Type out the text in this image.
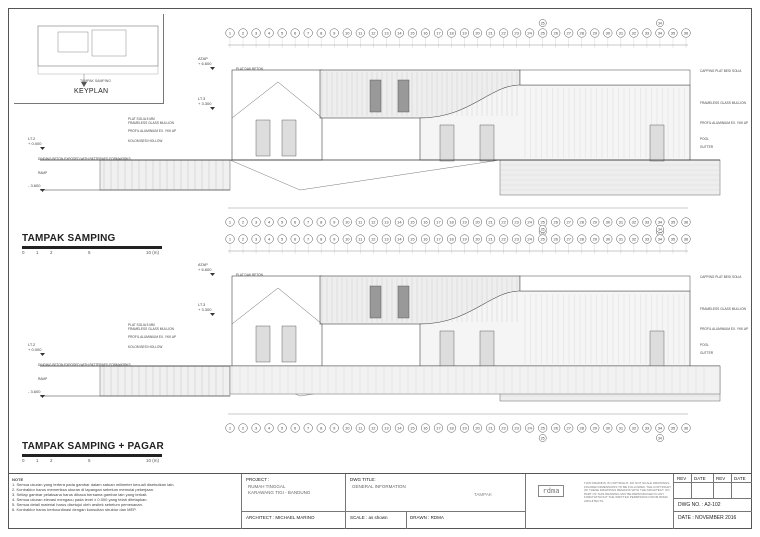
TAMPAK SAMPING
KEYPLAN
1	2	3	4	5	6	7	8	9 10 11 12 13 14 15 16 17 18 19 20 21 22 23 24 25 26 27 28 29 30 31 32 33 34 35 36
25	34
ATAP
+ 6.600
LT.3
+ 3.300
LT.2
+ 0.000
- 3.600
PLAT DAK BETON
PLAT SOLIA 5 MM
FRAMELESS GLASS MULLION
PROFIL ALUMINIUM EX. YKK AP
KOLOM BESI HOLLOW
DINDING BETON EXPOSED WITH PATTERNED FORMWORKS
RAMP
CAPPING PLAT BESI SOLIA
FRAMELESS GLASS MULLION
PROFIL ALUMINIUM EX. YKK AP
POOL
GUTTER
1	2	3	4	5	6	7	8	9 10 11 12 13 14 15 16 17 18 19 20 21 22 23 24 25 26 27 28 29 30 31 32 33 34 35 36
1	2	3	4	5	6	7	8	9 10 11 12 13 14 15 16 17 18 19 20 21 22 23 24 25 26 27 28 29 30 31 32 33 34 35 36
25	34
ATAP
+ 6.600
LT.3
+ 3.300
LT.2
+ 0.000
- 3.600
PLAT DAK BETON
PLAT SOLIA 5 MM
FRAMELESS GLASS MULLION
PROFIL ALUMINIUM EX. YKK AP
KOLOM BESI HOLLOW
DINDING BETON EXPOSED WITH PATTERNED FORMWORKS
RAMP
CAPPING PLAT BESI SOLIA
FRAMELESS GLASS MULLION
PROFIL ALUMINIUM EX. YKK AP
POOL
GUTTER
1	2	3	4	5	6	7	8	9 10 11 12 13 14 15 16 17 18 19 20 21 22 23 24 25 26 27 28 29 30 31 32 33 34 35 36
25	34
TAMPAK SAMPING
0	1	2	5	10 (m)
TAMPAK SAMPING + PAGAR
0	1	2	5	10 (m)
NOTE
1. Semua ukuran yang tertera pada gambar dalam satuan milimeter kecuali disebutkan lain.
2. Kontraktor harus memeriksa ukuran di lapangan sebelum memulai pekerjaan.
3. Setiap gambar pelaksana harus dibaca bersama gambar lain yang terkait.
4. Semua ukuran elevasi mengacu pada level ± 0.000 yang telah ditetapkan.
5. Semua detail material harus disetujui oleh arsitek sebelum pemesanan.
6. Kontraktor harus berkoordinasi dengan konsultan struktur dan MEP.
PROJECT :
RUMAH TINGGAL
KARAWANG TIGI - BANDUNG
ARCHITECT : MICHAEL MARINO
DWG TITLE:
GENERAL INFORMATION
TAMPAK
SCALE : as shown	DRAWN : RDMA
THIS DRAWING IS COPYRIGHT. DO NOT SCALE DRAWINGS. FIGURED DIMENSIONS TO BE FOLLOWED. THE COPYRIGHT OF THESE DRAWINGS REMAINS WITH THE ARCHITECT. NO PART OF THIS DRAWING MAY BE REPRODUCED IN ANY FORM WITHOUT THE WRITTEN PERMISSION FROM RDMA ARCHITECTS.
REV DATE REV DATE
DWG NO. : A2-102
DATE : NOVEMBER 2016
rdma
